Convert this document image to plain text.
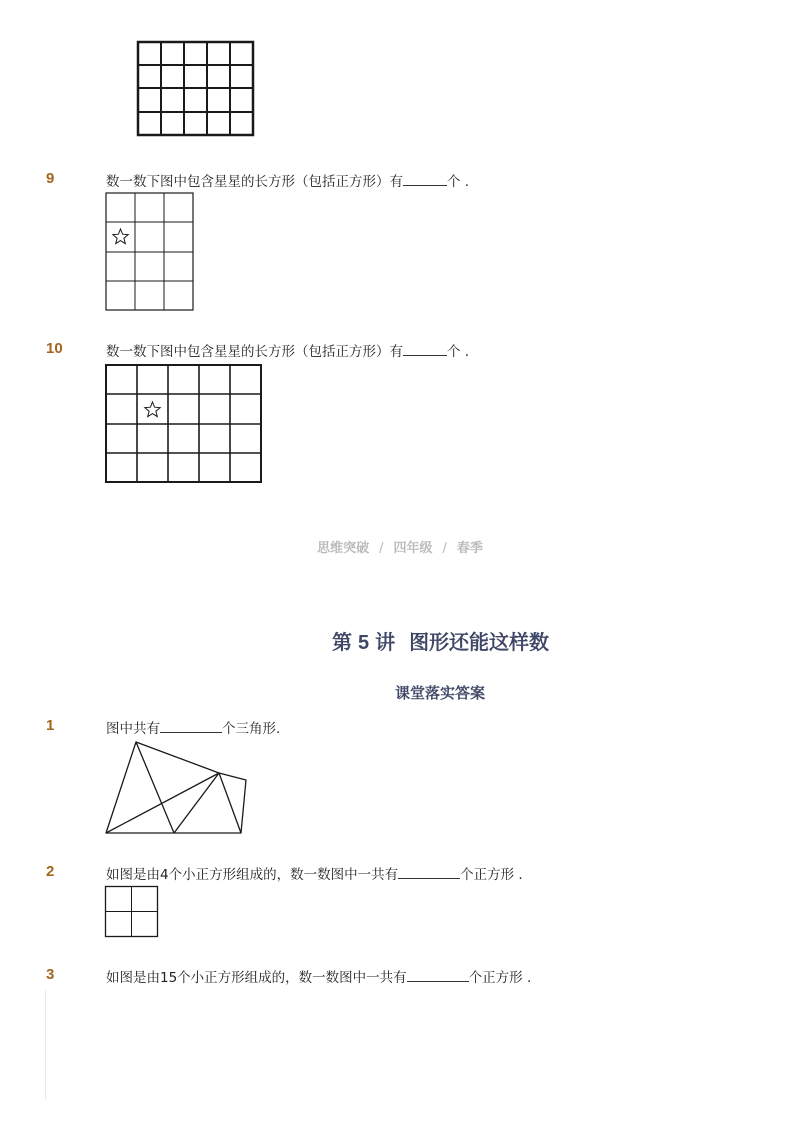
9	数一数下图中包含星星的长方形（包括正方形）有	个 .
10	数一数下图中包含星星的长方形（包括正方形）有	个 .
思维突破 / 四年级 / 春季
第 5 讲 图形还能这样数
课堂落实答案
1	图中共有	个三角形.
2	如图是由4个小正方形组成的，数一数图中一共有	个正方形 .
3	如图是由15个小正方形组成的，数一数图中一共有	个正方形 .
